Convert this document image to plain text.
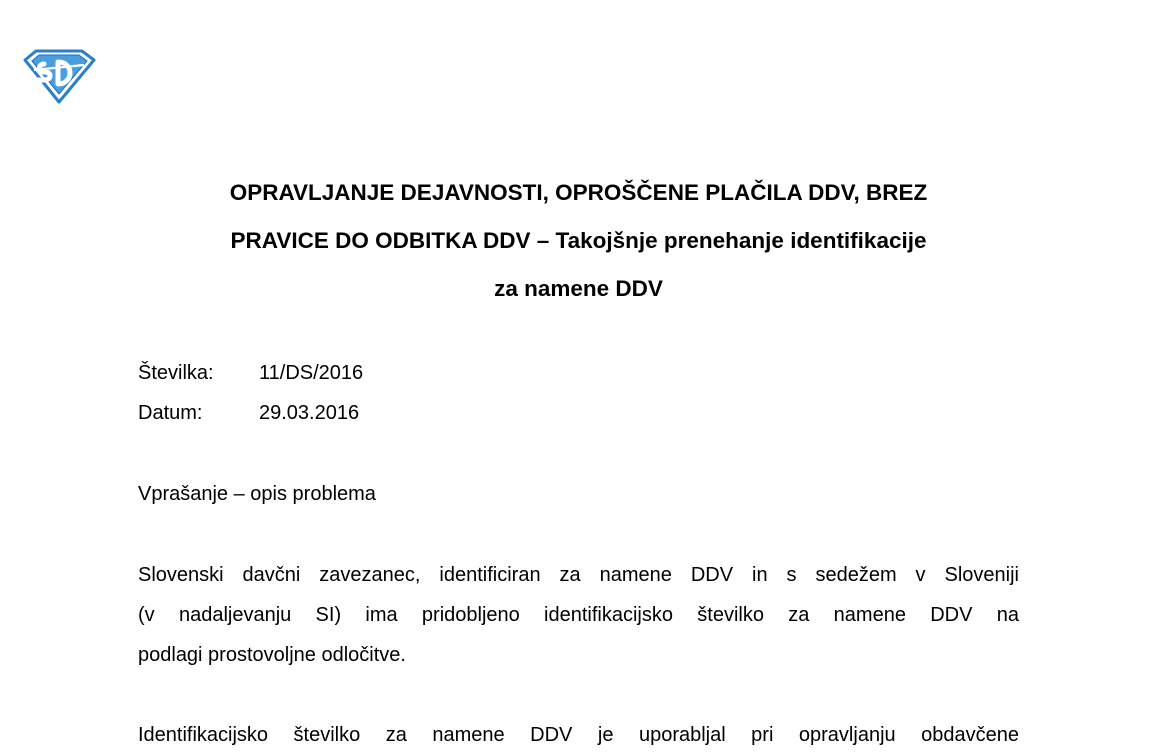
OPRAVLJANJE DEJAVNOSTI, OPROŠČENE PLAČILA DDV, BREZ
PRAVICE DO ODBITKA DDV – Takojšnje prenehanje identifikacije
za namene DDV
Številka: 11/DS/2016
Datum:	29.03.2016
Vprašanje – opis problema
Slovenski davčni zavezanec, identificiran za namene DDV in s sedežem v Sloveniji
(v nadaljevanju SI) ima pridobljeno identifikacijsko številko za namene DDV na
podlagi prostovoljne odločitve.
Identifikacijsko številko za namene DDV je uporabljal pri opravljanju obdavčene
